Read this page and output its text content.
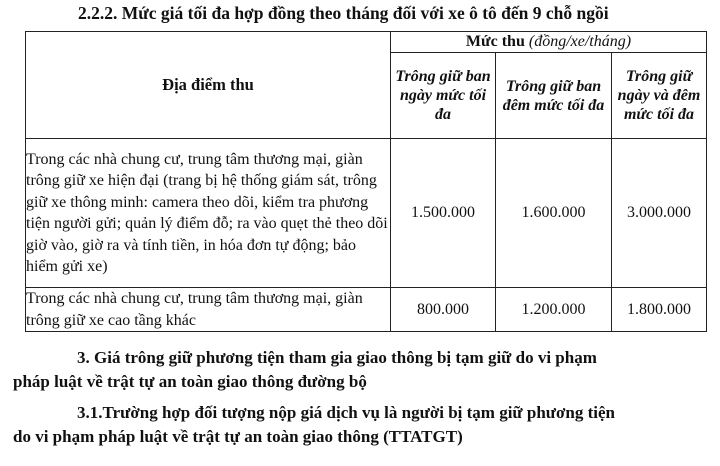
2.2.2. Mức giá tối đa hợp đồng theo tháng đối với xe ô tô đến 9 chỗ ngồi
Địa điểm thu	Mức thu (đồng/xe/tháng)		
	Trông giữ ban ngày mức tối đa	Trông giữ ban đêm mức tối đa	Trông giữ ngày và đêm mức tối đa
Trong các nhà chung cư, trung tâm thương mại, giàn trông giữ xe hiện đại (trang bị hệ thống giám sát, trông giữ xe thông minh: camera theo dõi, kiểm tra phương tiện người gửi; quản lý điểm đỗ; ra vào quẹt thẻ theo dõi giờ vào, giờ ra và tính tiền, in hóa đơn tự động; bảo hiểm gửi xe)	1.500.000	1.600.000	3.000.000
Trong các nhà chung cư, trung tâm thương mại, giàn trông giữ xe cao tầng khác	800.000	1.200.000	1.800.000

3. Giá trông giữ phương tiện tham gia giao thông bị tạm giữ do vi phạm
pháp luật về trật tự an toàn giao thông đường bộ

3.1.Trường hợp đối tượng nộp giá dịch vụ là người bị tạm giữ phương tiện
do vi phạm pháp luật về trật tự an toàn giao thông (TTATGT)
